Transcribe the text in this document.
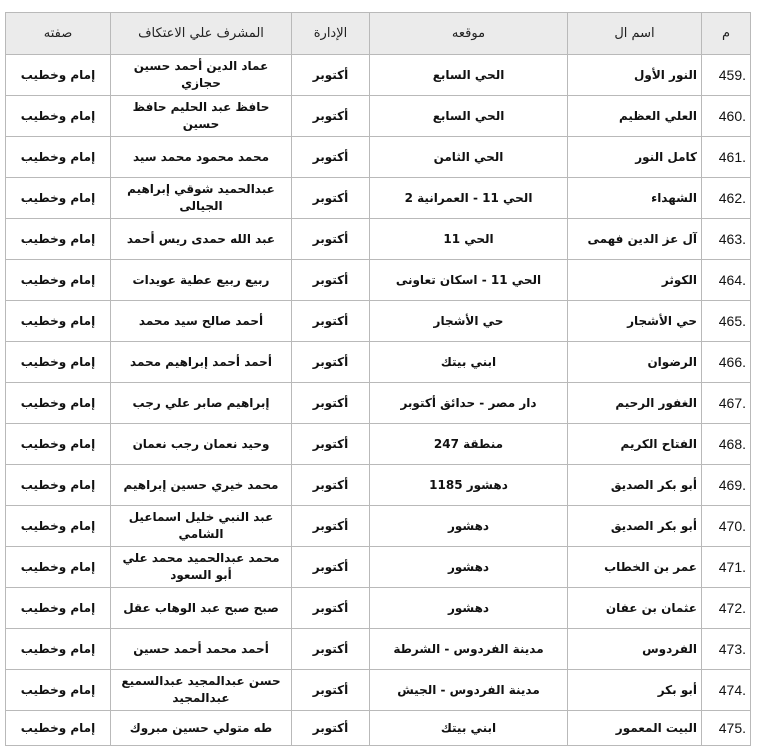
م	اسم ال	موقعه	الإدارة	المشرف علي الاعتكاف	صفته
.459	النور الأول	الحي السابع	أكتوبر	عماد الدين أحمد حسين حجازي	إمام وخطيب
.460	العلي العظيم	الحي السابع	أكتوبر	حافظ عبد الحليم حافظ حسين	إمام وخطيب
.461	كامل النور	الحي الثامن	أكتوبر	محمد محمود محمد سيد	إمام وخطيب
.462	الشهداء	الحي 11 - العمرانية 2	أكتوبر	عبدالحميد شوقي إبراهيم الجيالى	إمام وخطيب
.463	آل عز الدين فهمى	الحي 11	أكتوبر	عبد الله حمدى ريس أحمد	إمام وخطيب
.464	الكوثر	الحي 11 - اسكان تعاونى	أكتوبر	ربيع ربيع عطية عويدات	إمام وخطيب
.465	حي الأشجار	حي الأشجار	أكتوبر	أحمد صالح سيد محمد	إمام وخطيب
.466	الرضوان	ابني بيتك	أكتوبر	أحمد أحمد إبراهيم محمد	إمام وخطيب
.467	الغفور الرحيم	دار مصر - حدائق أكتوبر	أكتوبر	إبراهيم صابر علي رجب	إمام وخطيب
.468	الفتاح الكريم	منطقة 247	أكتوبر	وحيد نعمان رجب نعمان	إمام وخطيب
.469	أبو بكر الصديق	دهشور 1185	أكتوبر	محمد خيري حسين إبراهيم	إمام وخطيب
.470	أبو بكر الصديق	دهشور	أكتوبر	عبد النبي خليل اسماعيل الشامي	إمام وخطيب
.471	عمر بن الخطاب	دهشور	أكتوبر	محمد عبدالحميد محمد علي أبو السعود	إمام وخطيب
.472	عثمان بن عفان	دهشور	أكتوبر	صبح صبح عبد الوهاب عقل	إمام وخطيب
.473	الفردوس	مدينة الفردوس - الشرطة	أكتوبر	أحمد محمد أحمد حسين	إمام وخطيب
.474	أبو بكر	مدينة الفردوس - الجيش	أكتوبر	حسن عبدالمجيد عبدالسميع عبدالمجيد	إمام وخطيب
.475	البيت المعمور	ابني بيتك	أكتوبر	طه متولي حسين مبروك	إمام وخطيب
